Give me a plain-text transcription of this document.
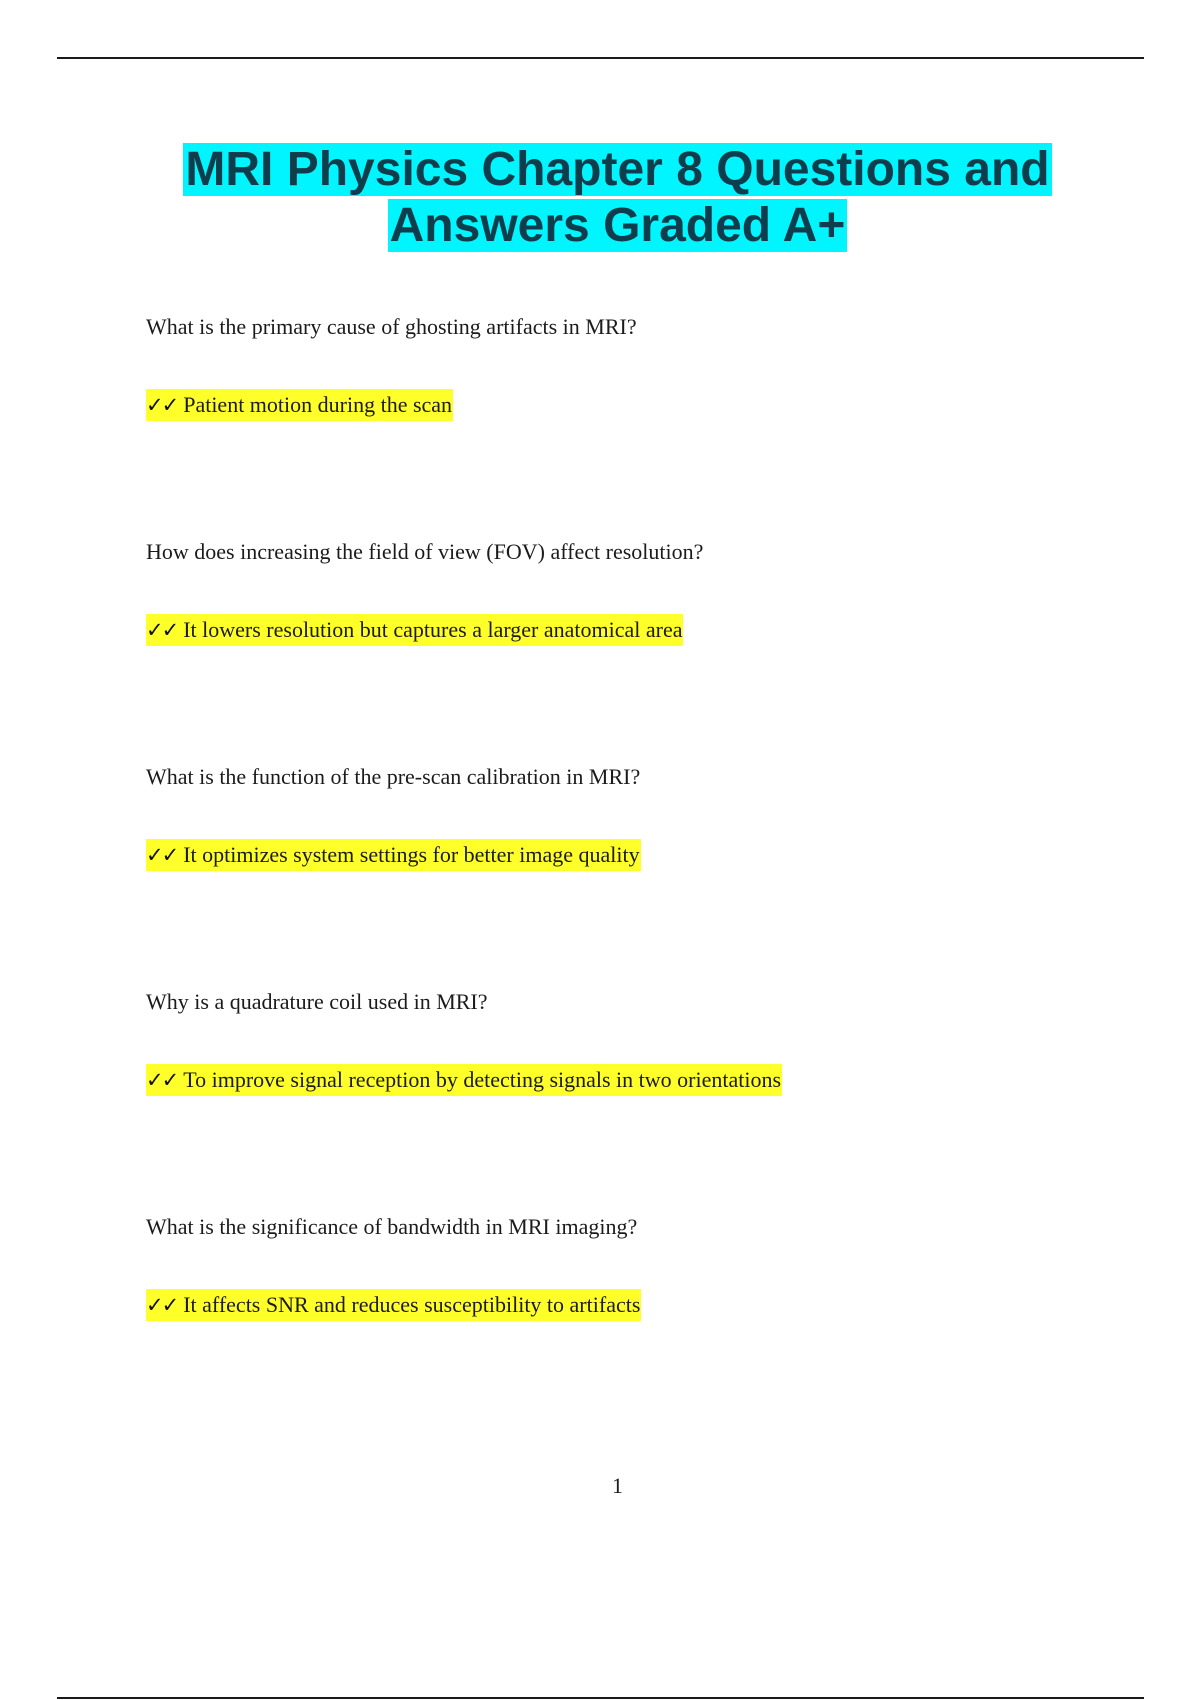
MRI Physics Chapter 8 Questions and
Answers Graded A+
What is the primary cause of ghosting artifacts in MRI?
✓✓ Patient motion during the scan
How does increasing the field of view (FOV) affect resolution?
✓✓ It lowers resolution but captures a larger anatomical area
What is the function of the pre-scan calibration in MRI?
✓✓ It optimizes system settings for better image quality
Why is a quadrature coil used in MRI?
✓✓ To improve signal reception by detecting signals in two orientations
What is the significance of bandwidth in MRI imaging?
✓✓ It affects SNR and reduces susceptibility to artifacts
1
